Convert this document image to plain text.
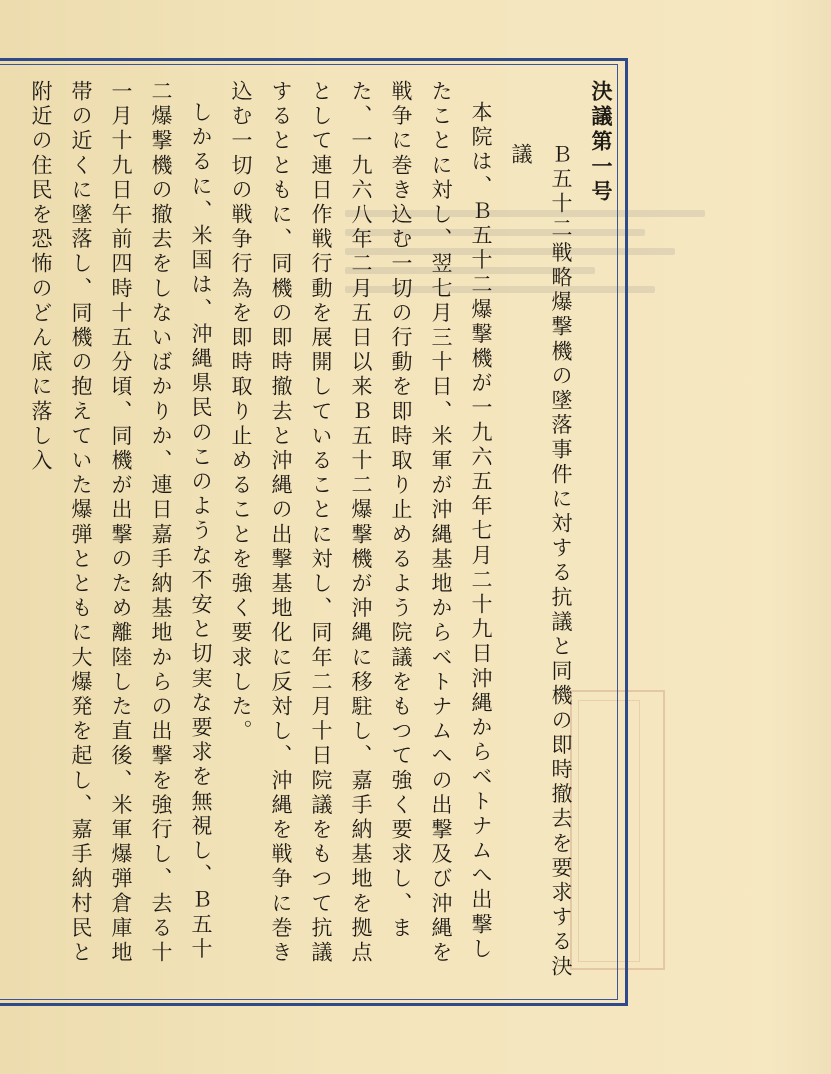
決議第一号

Ｂ五十二戦略爆撃機の墜落事件に対する抗議と同機の即時撤去を要求する決議

本院は、Ｂ五十二爆撃機が一九六五年七月二十九日沖縄からベトナムへ出撃したことに対し、翌七月三十日、米軍が沖縄基地からベトナムへの出撃及び沖縄を戦争に巻き込む一切の行動を即時取り止めるよう院議をもつて強く要求し、また、一九六八年二月五日以来Ｂ五十二爆撃機が沖縄に移駐し、嘉手納基地を拠点として連日作戦行動を展開していることに対し、同年二月十日院議をもつて抗議するとともに、同機の即時撤去と沖縄の出撃基地化に反対し、沖縄を戦争に巻き込む一切の戦争行為を即時取り止めることを強く要求した。

しかるに、米国は、沖縄県民のこのような不安と切実な要求を無視し、Ｂ五十二爆撃機の撤去をしないばかりか、連日嘉手納基地からの出撃を強行し、去る十一月十九日午前四時十五分頃、同機が出撃のため離陸した直後、米軍爆弾倉庫地帯の近くに墜落し、同機の抱えていた爆弾とともに大爆発を起し、嘉手納村民と附近の住民を恐怖のどん底に落し入
